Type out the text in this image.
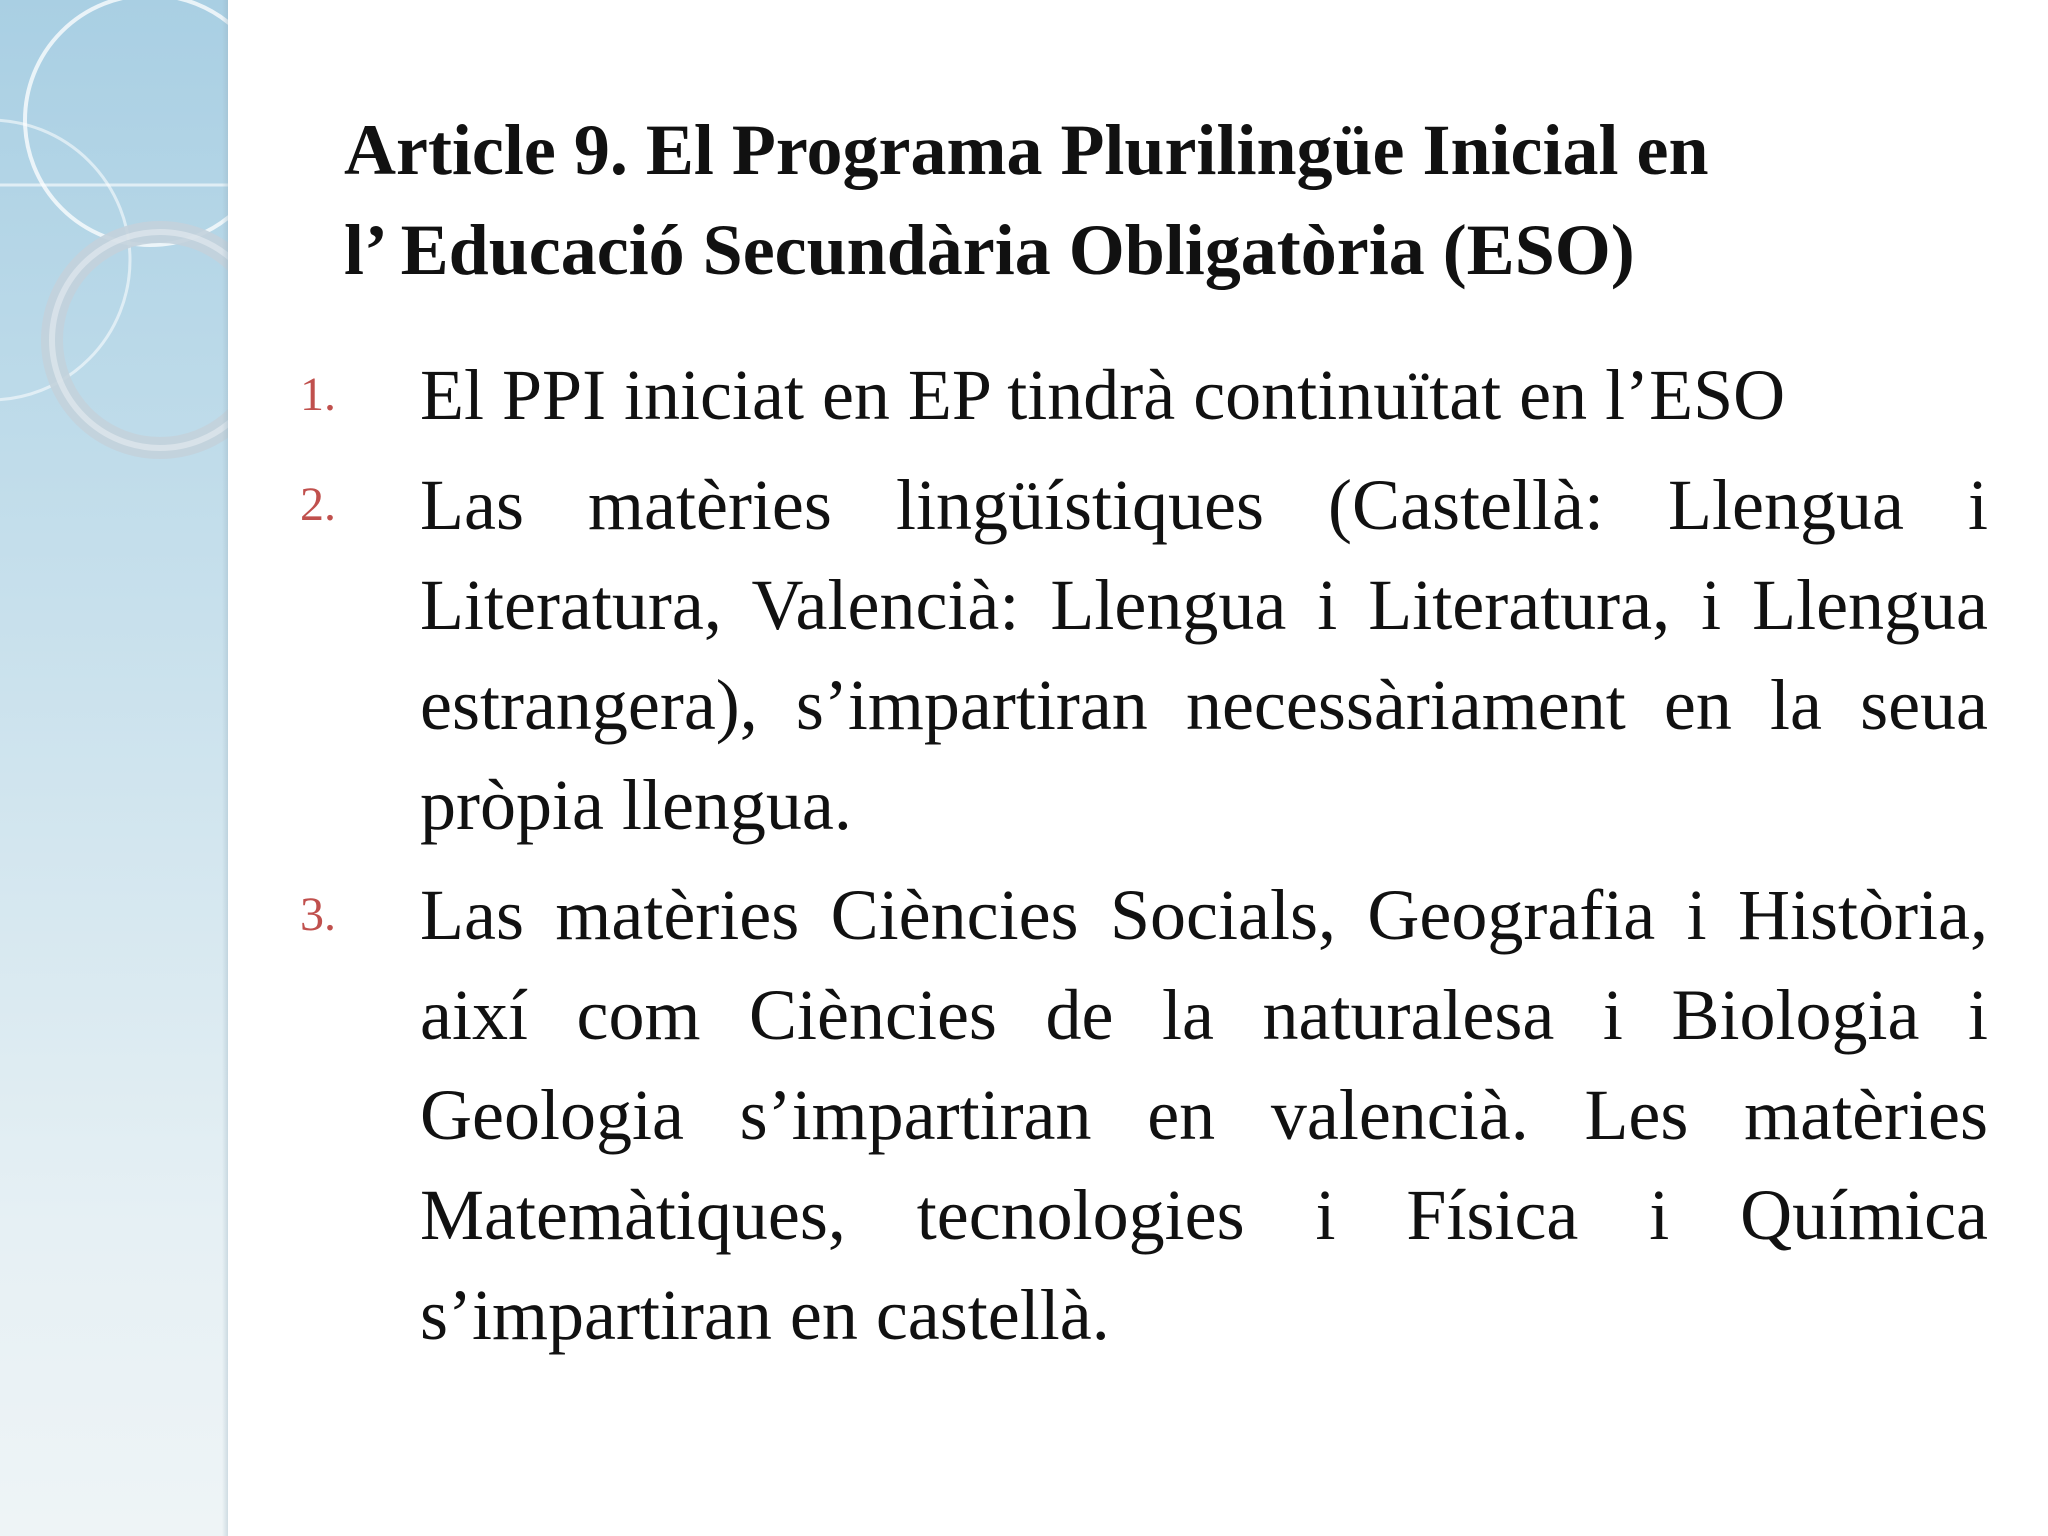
Article 9. El Programa Plurilingüe Inicial en
l’ Educació Secundària Obligatòria (ESO)
1.	El PPI iniciat en EP tindrà continuïtat en l’ESO
2.	Las matèries lingüístiques (Castellà: Llengua i Literatura, Valencià: Llengua i Literatura, i Llengua estrangera), s’impartiran necessàriament en la seua pròpia llengua.
3.	Las matèries Ciències Socials, Geografia i Història, així com Ciències de la naturalesa i Biologia i Geologia s’impartiran en valencià. Les matèries Matemàtiques, tecnologies i Física i Química s’impartiran en castellà.
